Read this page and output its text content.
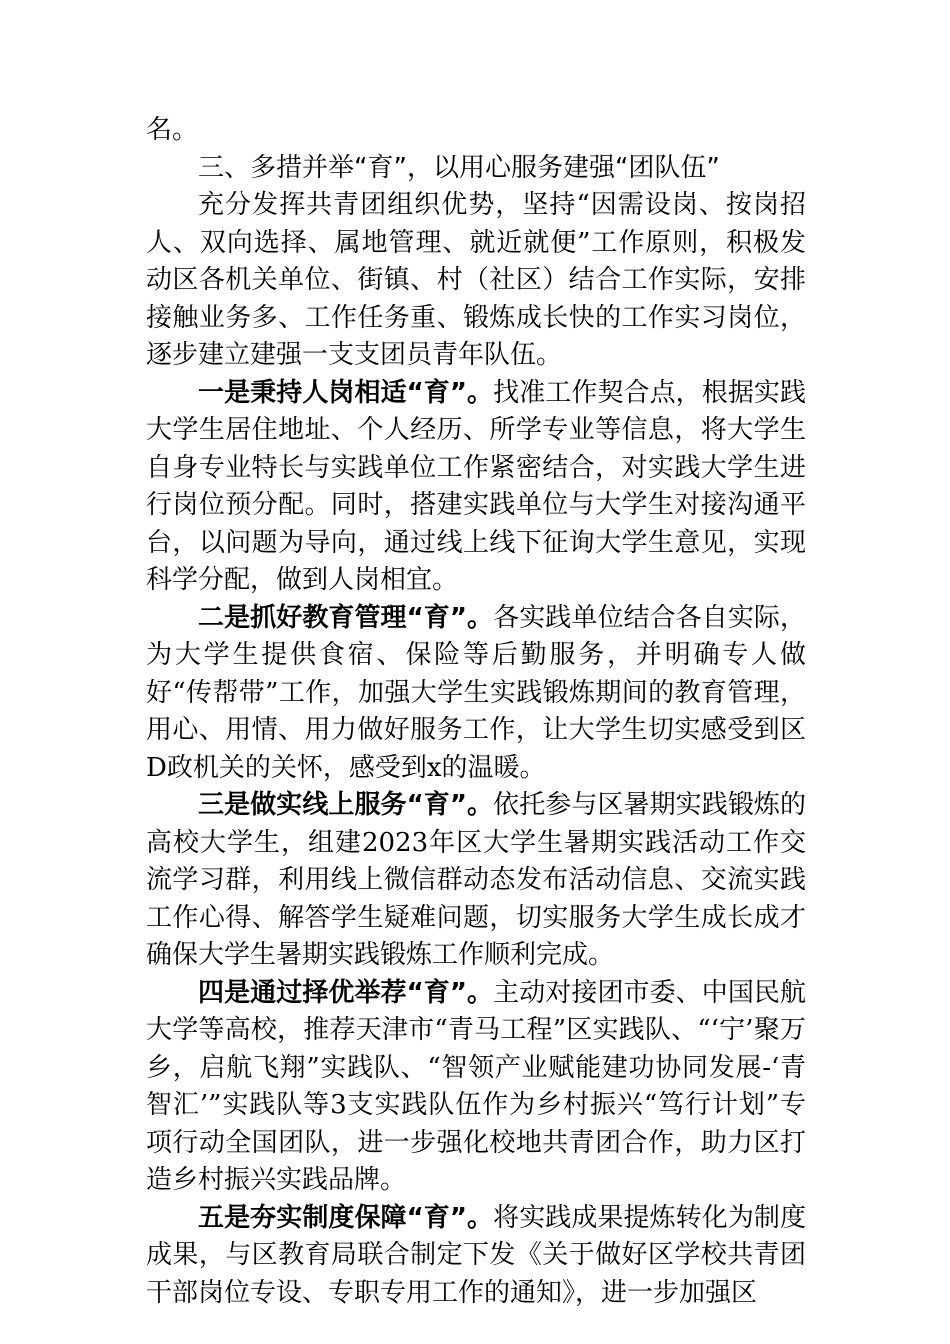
名。

三、多措并举“育”，以用心服务建强“团队伍”

充分发挥共青团组织优势，坚持“因需设岗、按岗招人、双向选择、属地管理、就近就便”工作原则，积极发动区各机关单位、街镇、村（社区）结合工作实际，安排接触业务多、工作任务重、锻炼成长快的工作实习岗位，逐步建立建强一支支团员青年队伍。

一是秉持人岗相适“育”。找准工作契合点，根据实践大学生居住地址、个人经历、所学专业等信息，将大学生自身专业特长与实践单位工作紧密结合，对实践大学生进行岗位预分配。同时，搭建实践单位与大学生对接沟通平台，以问题为导向，通过线上线下征询大学生意见，实现科学分配，做到人岗相宜。

二是抓好教育管理“育”。各实践单位结合各自实际，为大学生提供食宿、保险等后勤服务，并明确专人做好“传帮带”工作，加强大学生实践锻炼期间的教育管理，用心、用情、用力做好服务工作，让大学生切实感受到区D政机关的关怀，感受到x的温暖。

三是做实线上服务“育”。依托参与区暑期实践锻炼的高校大学生，组建2023年区大学生暑期实践活动工作交流学习群，利用线上微信群动态发布活动信息、交流实践工作心得、解答学生疑难问题，切实服务大学生成长成才确保大学生暑期实践锻炼工作顺利完成。

四是通过择优举荐“育”。主动对接团市委、中国民航大学等高校，推荐天津市“青马工程”区实践队、“‘宁’聚万乡，启航飞翔”实践队、“智领产业赋能建功协同发展-‘青智汇’”实践队等3支实践队伍作为乡村振兴“笃行计划”专项行动全国团队，进一步强化校地共青团合作，助力区打造乡村振兴实践品牌。

五是夯实制度保障“育”。将实践成果提炼转化为制度成果，与区教育局联合制定下发《关于做好区学校共青团干部岗位专设、专职专用工作的通知》，进一步加强区
